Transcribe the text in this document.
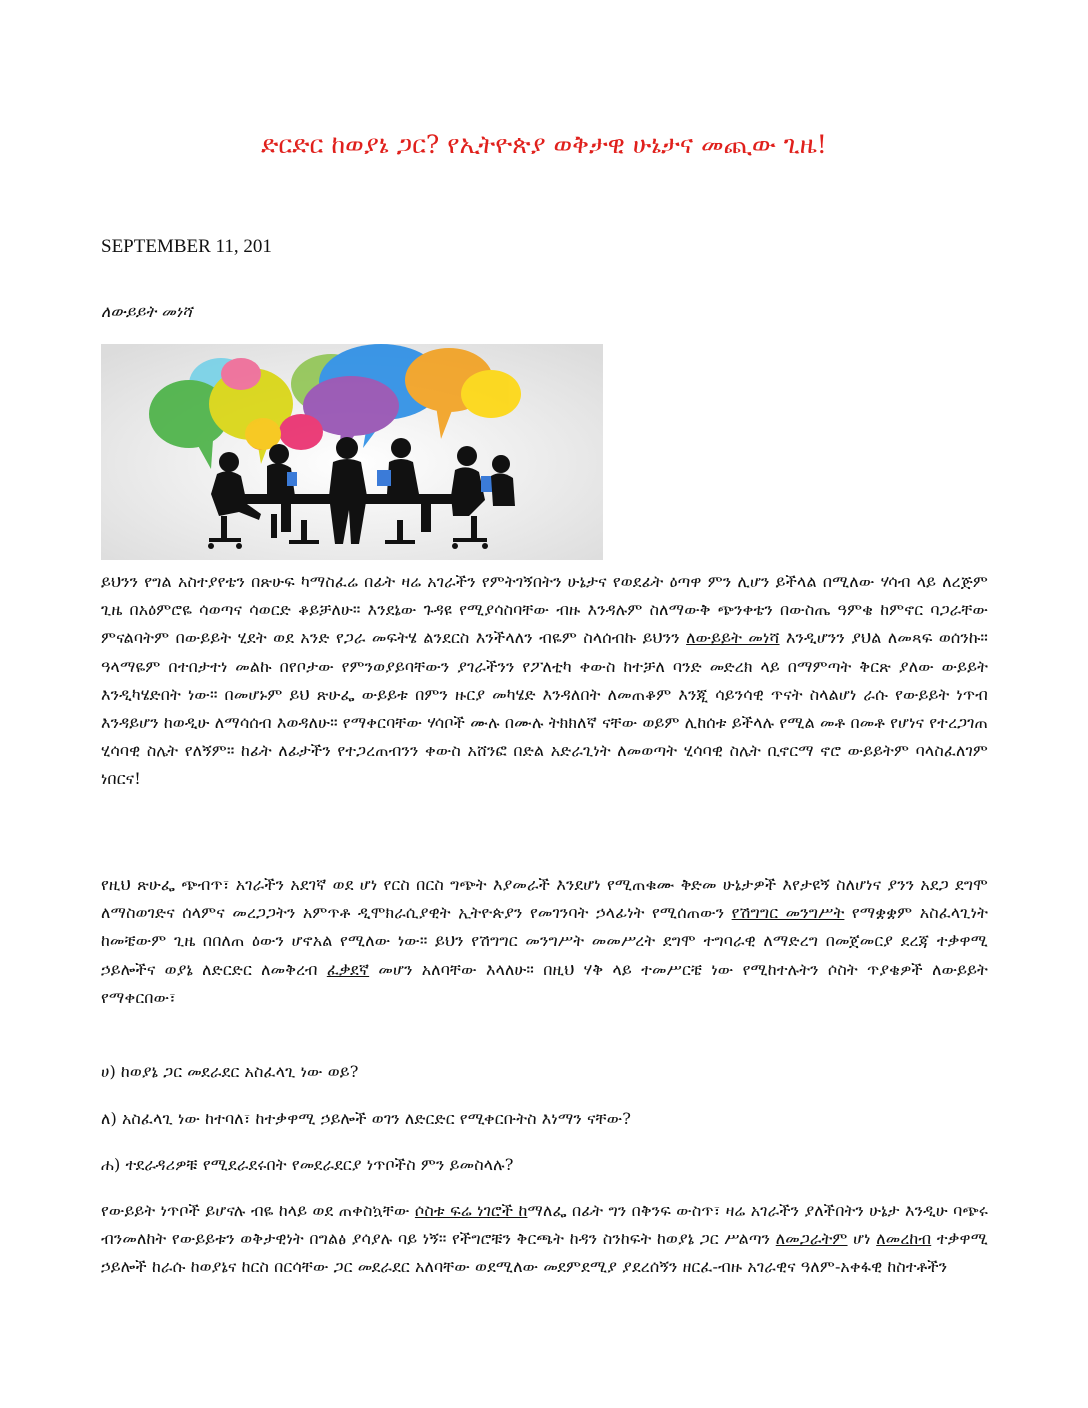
ድርድር ከወያኔ ጋር? የኢትዮጵያ ወቅታዊ ሁኔታና መጪው ጊዜ!
SEPTEMBER 11, 201
ለውይይት መነሻ

ይህንን የግል አስተያየቴን በጽሁፍ ካማስፈሬ በፊት ዛሬ አገራችን የምትገኝበትን ሁኔታና የወደፊት ዕጣዋ ምን ሊሆን ይችላል በሚለው ሃሳብ ላይ ለረጅም ጊዜ በአዕምሮዬ ሳወጣና ሳወርድ ቆይቻለሁ። እንደኔው ጉዳዩ የሚያሳስባቸው ብዙ እንዳሉም ስለማውቅ ጭንቀቴን በውስጤ ዓምቄ ከምኖር ባጋራቸው ምናልባትም በውይይት ሂደት ወደ አንድ የጋራ መፍትሄ ልንደርስ እንችላለን ብዬም ስላሰብኩ ይህንን ለውይይት መነሻ እንዲሆንን ያህል ለመጻፍ ወሰንኩ። ዓላማዬም በተበታተነ መልኩ በየቦታው የምንወያይባቸውን ያገራችንን የፖለቲካ ቀውስ ከተቻለ ባንድ መድረክ ላይ በማምጣት ቅርጽ ያለው ውይይት እንዲካሄድበት ነው። በመሆኑም ይህ ጽሁፌ ውይይቱ በምን ዙርያ መካሄድ እንዳለበት ለመጠቆም እንጂ ሳይንሳዊ ጥናት ስላልሆነ ራሱ የውይይት ነጥብ እንዳይሆን ከወዲሁ ለማሳሰብ እወዳለሁ። የማቀርባቸው ሃሳቦች ሙሉ በሙሉ ትክክለኛ ናቸው ወይም ሊከሰቱ ይችላሉ የሚል መቶ በመቶ የሆነና የተረጋገጠ ሂሳባዊ ስሌት የለኝም። ከፊት ለፊታችን የተጋረጠብንን ቀውስ አሸንፎ በድል አድራጊነት ለመወጣት ሂሳባዊ ስሌት ቢኖርማ ኖሮ ውይይትም ባላስፈለገም ነበርና!

የዚህ ጽሁፌ ጭብጥ፣ አገራችን አደገኛ ወደ ሆነ የርስ በርስ ግጭት እያመራች እንደሆነ የሚጠቁሙ ቅድመ ሁኔታዎች እየታዩኝ ስለሆነና ያንን አደጋ ደግሞ ለማስወገድና ሰላምና መረጋጋትን አምጥቶ ዲሞክራሲያዊት ኢትዮጵያን የመገንባት ኃላፊነት የሚሰጠውን የሽግግር መንግሥት የማቋቋም አስፈላጊነት ከመቼውም ጊዜ በበለጠ ዕውን ሆኖአል የሚለው ነው። ይህን የሽግግር መንግሥት መመሥረት ደግሞ ተግባራዊ ለማድረግ በመጀመርያ ደረጃ ተቃዋሚ ኃይሎችና ወያኔ ለድርድር ለመቅረብ ፈቃደኛ መሆን አለባቸው እላለሁ። በዚህ ሃቅ ላይ ተመሥርቼ ነው የሚከተሉትን ሶስት ጥያቄዎች ለውይይት የማቀርበው፣

ሀ) ከወያኔ ጋር መደራደር አስፈላጊ ነው ወይ?

ለ) አስፈላጊ ነው ከተባለ፣ ከተቃዋሚ ኃይሎች ወገን ለድርድር የሚቀርቡትስ እነማን ናቸው?

ሐ) ተደራዳሪዎቹ የሚደራደሩበት የመደራደርያ ነጥቦችስ ምን ይመስላሉ?

የውይይት ነጥቦች ይሆናሉ ብዬ ከላይ ወደ ጠቀስኳቸው ሶስቱ ፍሬ ነገሮች ከማለፌ በፊት ግን በቅንፍ ውስጥ፣ ዛሬ አገራችን ያለችበትን ሁኔታ እንዲሁ ባጭሩ ብንመለከት የውይይቱን ወቅታዊነት በግልፅ ያሳያሉ ባይ ነኝ። የችግሮቹን ቅርጫት ከዳን ስንከፍት ከወያኔ ጋር ሥልጣን ለመጋራትም ሆነ ለመረከብ ተቃዋሚ ኃይሎች ከራሱ ከወያኔና ከርስ በርሳቸው ጋር መደራደር አለባቸው ወደሚለው መደምደሚያ ያደረሰኝን ዘርፈ-ብዙ አገራዊና ዓለም-አቀፋዊ ከስተቶችን
